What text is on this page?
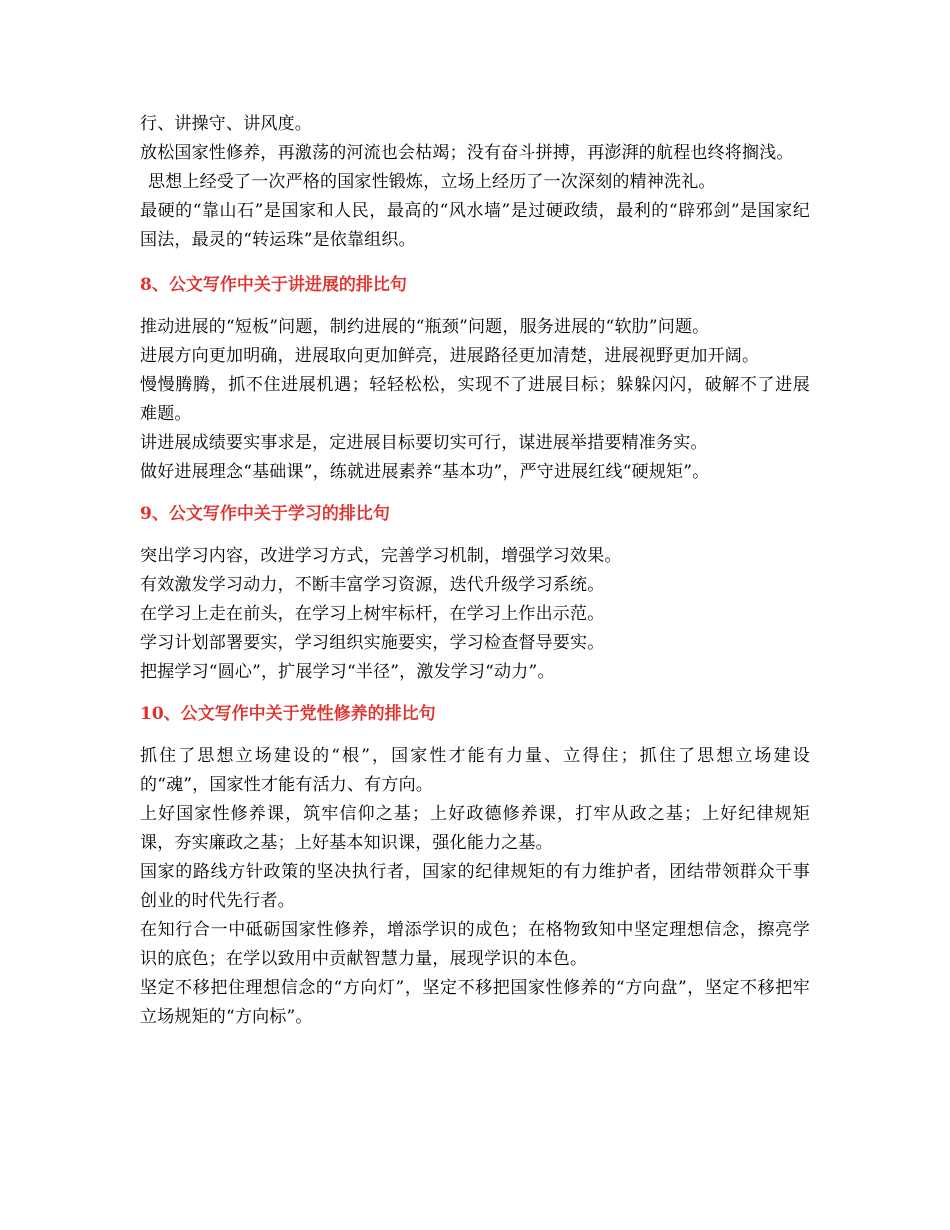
行、讲操守、讲风度。

放松国家性修养，再激荡的河流也会枯竭；没有奋斗拼搏，再澎湃的航程也终将搁浅。

思想上经受了一次严格的国家性锻炼，立场上经历了一次深刻的精神洗礼。

最硬的“靠山石”是国家和人民，最高的“风水墙”是过硬政绩，最利的“辟邪剑”是国家纪国法，最灵的“转运珠”是依靠组织。

8、公文写作中关于讲进展的排比句

推动进展的“短板”问题，制约进展的“瓶颈”问题，服务进展的“软肋”问题。

进展方向更加明确，进展取向更加鲜亮，进展路径更加清楚，进展视野更加开阔。

慢慢腾腾，抓不住进展机遇；轻轻松松，实现不了进展目标；躲躲闪闪，破解不了进展难题。

讲进展成绩要实事求是，定进展目标要切实可行，谋进展举措要精准务实。

做好进展理念“基础课”，练就进展素养“基本功”，严守进展红线“硬规矩”。

9、公文写作中关于学习的排比句

突出学习内容，改进学习方式，完善学习机制，增强学习效果。

有效激发学习动力，不断丰富学习资源，迭代升级学习系统。

在学习上走在前头，在学习上树牢标杆，在学习上作出示范。

学习计划部署要实，学习组织实施要实，学习检查督导要实。

把握学习“圆心”，扩展学习“半径”，激发学习“动力”。

10、公文写作中关于党性修养的排比句

抓住了思想立场建设的“根”，国家性才能有力量、立得住；抓住了思想立场建设的“魂”，国家性才能有活力、有方向。

上好国家性修养课，筑牢信仰之基；上好政德修养课，打牢从政之基；上好纪律规矩课，夯实廉政之基；上好基本知识课，强化能力之基。

国家的路线方针政策的坚决执行者，国家的纪律规矩的有力维护者，团结带领群众干事创业的时代先行者。

在知行合一中砥砺国家性修养，增添学识的成色；在格物致知中坚定理想信念，擦亮学识的底色；在学以致用中贡献智慧力量，展现学识的本色。

坚定不移把住理想信念的“方向灯”，坚定不移把国家性修养的“方向盘”，坚定不移把牢立场规矩的“方向标”。
